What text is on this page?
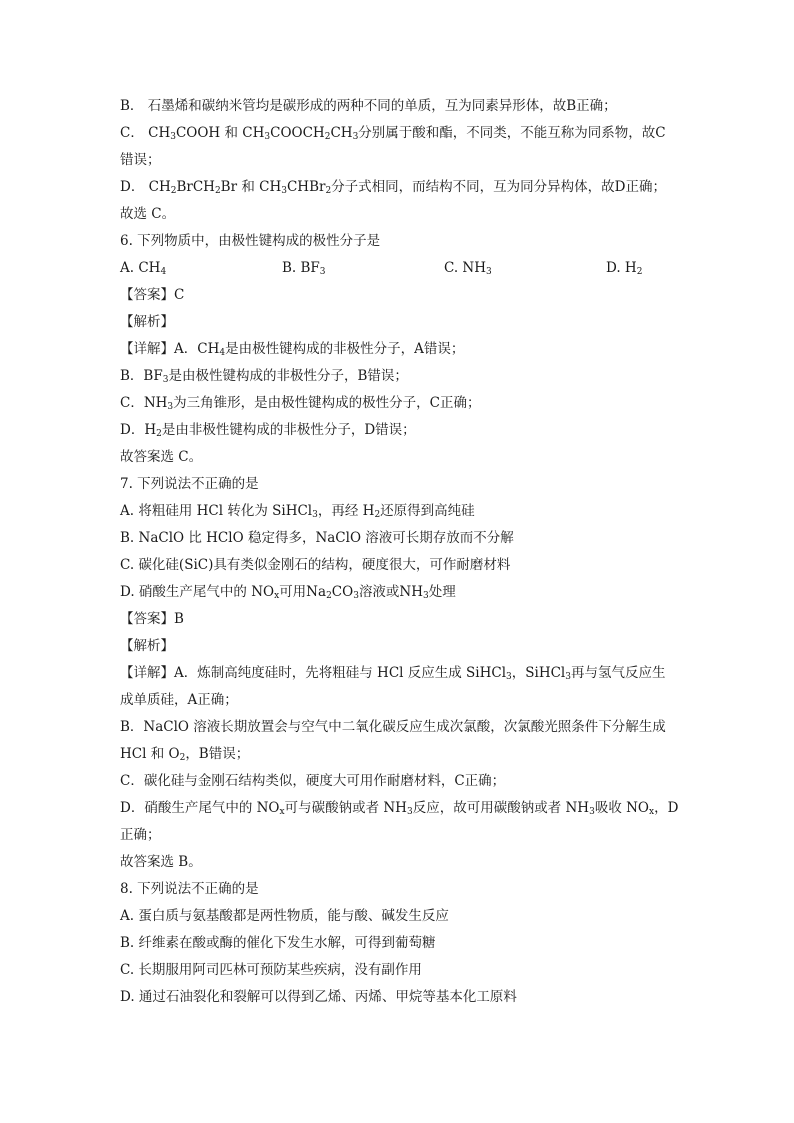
B． 石墨烯和碳纳米管均是碳形成的两种不同的单质，互为同素异形体，故B正确；
C． $CH_3COOH$ 和 $CH_3COOCH_2CH_3$分别属于酸和酯，不同类，不能互称为同系物，故C
错误；
D． $CH_2BrCH_2Br$ 和 $CH_3CHBr_2$分子式相同，而结构不同，互为同分异构体，故D正确；
故选 C。
6. 下列物质中，由极性键构成的极性分子是
A. $CH_4$	B. $BF_3$	C. $NH_3$	D. $H_2$
【答案】C
【解析】
【详解】A．$CH_4$是由极性键构成的非极性分子，A错误；
B．$BF_3$是由极性键构成的非极性分子，B错误；
C．$NH_3$为三角锥形，是由极性键构成的极性分子，C正确；
D．$H_2$是由非极性键构成的非极性分子，D错误；
故答案选 C。
7. 下列说法不正确的是
A. 将粗硅用 HCl 转化为 SiHCl$_3$，再经 $H_2$还原得到高纯硅
B. NaClO 比 HClO 稳定得多，NaClO 溶液可长期存放而不分解
C. 碳化硅(SiC)具有类似金刚石的结构，硬度很大，可作耐磨材料
D. 硝酸生产尾气中的 $NO_x$可用$Na_2CO_3$溶液或$NH_3$处理
【答案】B
【解析】
【详解】A．炼制高纯度硅时，先将粗硅与 HCl 反应生成 SiHCl$_3$，SiHCl$_3$再与氢气反应生
成单质硅，A正确；
B．NaClO 溶液长期放置会与空气中二氧化碳反应生成次氯酸，次氯酸光照条件下分解生成
HCl 和 $O_2$，B错误；
C．碳化硅与金刚石结构类似，硬度大可用作耐磨材料，C正确；
D．硝酸生产尾气中的 $NO_x$可与碳酸钠或者 $NH_3$反应，故可用碳酸钠或者 $NH_3$吸收 $NO_x$，D
正确；
故答案选 B。
8. 下列说法不正确的是
A. 蛋白质与氨基酸都是两性物质，能与酸、碱发生反应
B. 纤维素在酸或酶的催化下发生水解，可得到葡萄糖
C. 长期服用阿司匹林可预防某些疾病，没有副作用
D. 通过石油裂化和裂解可以得到乙烯、丙烯、甲烷等基本化工原料
